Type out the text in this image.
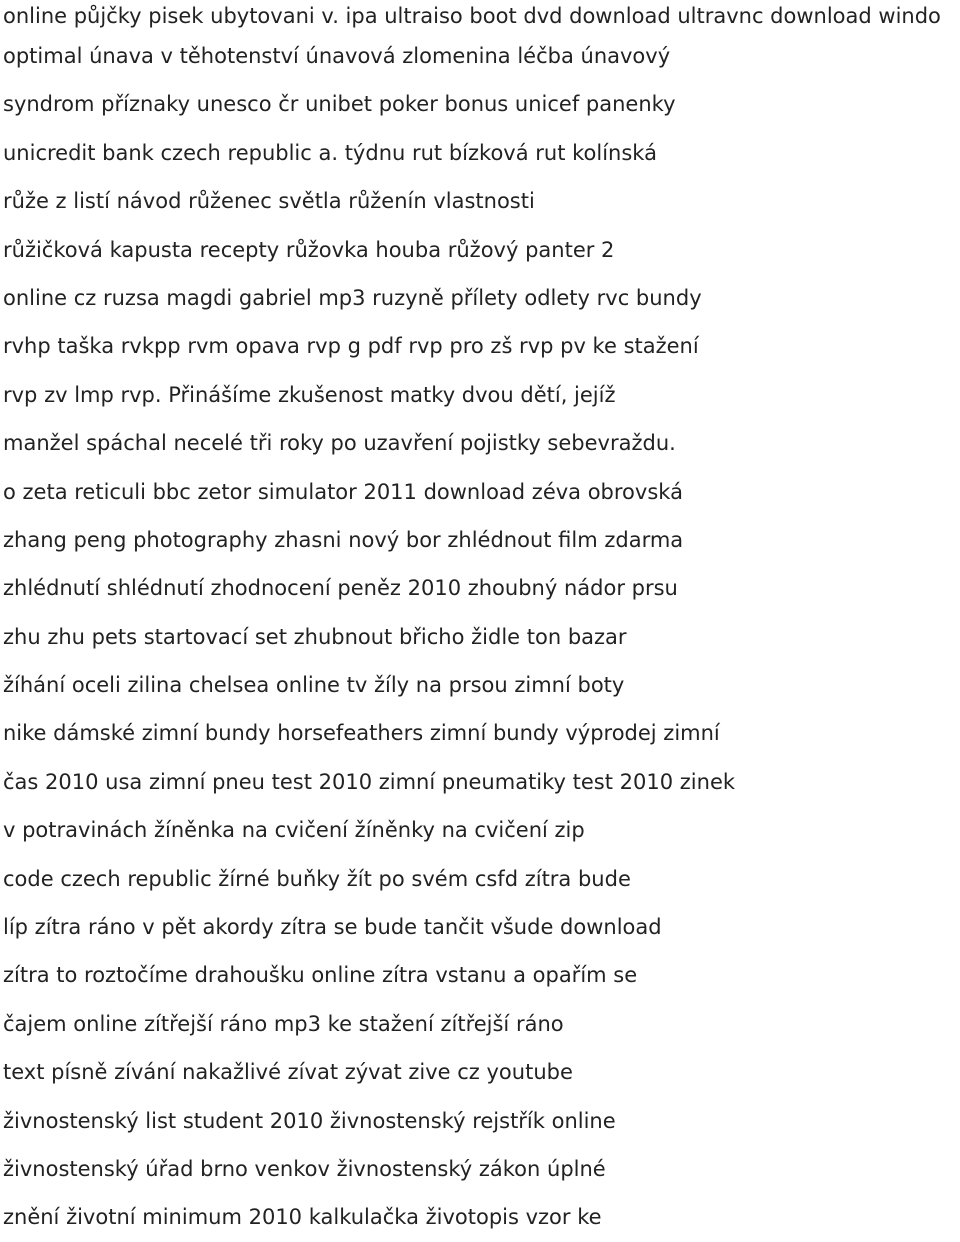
online půjčky pisek ubytovani v. ipa ultraiso boot dvd download ultravnc download windo
optimal únava v těhotenství únavová zlomenina léčba únavový
syndrom příznaky unesco čr unibet poker bonus unicef panenky
unicredit bank czech republic a. týdnu rut bízková rut kolínská
růže z listí návod růženec světla růženín vlastnosti
růžičková kapusta recepty růžovka houba růžový panter 2
online cz ruzsa magdi gabriel mp3 ruzyně přílety odlety rvc bundy
rvhp taška rvkpp rvm opava rvp g pdf rvp pro zš rvp pv ke stažení
rvp zv lmp rvp. Přinášíme zkušenost matky dvou dětí, jejíž
manžel spáchal necelé tři roky po uzavření pojistky sebevraždu.
o zeta reticuli bbc zetor simulator 2011 download zéva obrovská
zhang peng photography zhasni nový bor zhlédnout film zdarma
zhlédnutí shlédnutí zhodnocení peněz 2010 zhoubný nádor prsu
zhu zhu pets startovací set zhubnout břicho židle ton bazar
žíhání oceli zilina chelsea online tv žíly na prsou zimní boty
nike dámské zimní bundy horsefeathers zimní bundy výprodej zimní
čas 2010 usa zimní pneu test 2010 zimní pneumatiky test 2010 zinek
v potravinách žíněnka na cvičení žíněnky na cvičení zip
code czech republic žírné buňky žít po svém csfd zítra bude
líp zítra ráno v pět akordy zítra se bude tančit všude download
zítra to roztočíme drahoušku online zítra vstanu a opařím se
čajem online zítřejší ráno mp3 ke stažení zítřejší ráno
text písně zívání nakažlivé zívat zývat zive cz youtube
živnostenský list student 2010 živnostenský rejstřík online
živnostenský úřad brno venkov živnostenský zákon úplné
znění životní minimum 2010 kalkulačka životopis vzor ke
